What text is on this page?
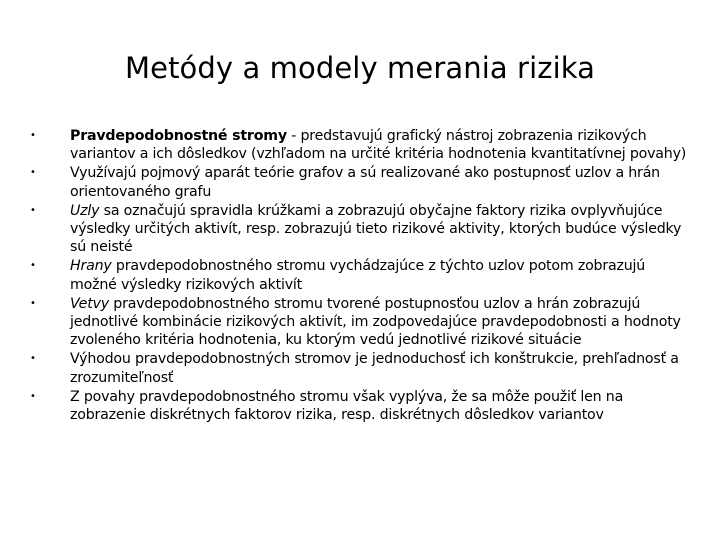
Metódy a modely merania rizika
•	Pravdepodobnostné stromy - predstavujú grafický nástroj zobrazenia rizikových variantov a ich dôsledkov (vzhľadom na určité kritéria hodnotenia kvantitatívnej povahy)
•	Využívajú pojmový aparát teórie grafov a sú realizované ako postupnosť uzlov a hrán orientovaného grafu
•	Uzly sa označujú spravidla krúžkami a zobrazujú obyčajne faktory rizika ovplyvňujúce výsledky určitých aktivít, resp. zobrazujú tieto rizikové aktivity, ktorých budúce výsledky sú neisté
•	Hrany pravdepodobnostného stromu vychádzajúce z týchto uzlov potom zobrazujú možné výsledky rizikových aktivít
•	Vetvy pravdepodobnostného stromu tvorené postupnosťou uzlov a hrán zobrazujú jednotlivé kombinácie rizikových aktivít, im zodpovedajúce pravdepodobnosti a hodnoty zvoleného kritéria hodnotenia, ku ktorým vedú jednotlivé rizikové situácie
•	Výhodou pravdepodobnostných stromov je jednoduchosť ich konštrukcie, prehľadnosť a zrozumiteľnosť
•	Z povahy pravdepodobnostného stromu však vyplýva, že sa môže použiť len na zobrazenie diskrétnych faktorov rizika, resp. diskrétnych dôsledkov variantov
